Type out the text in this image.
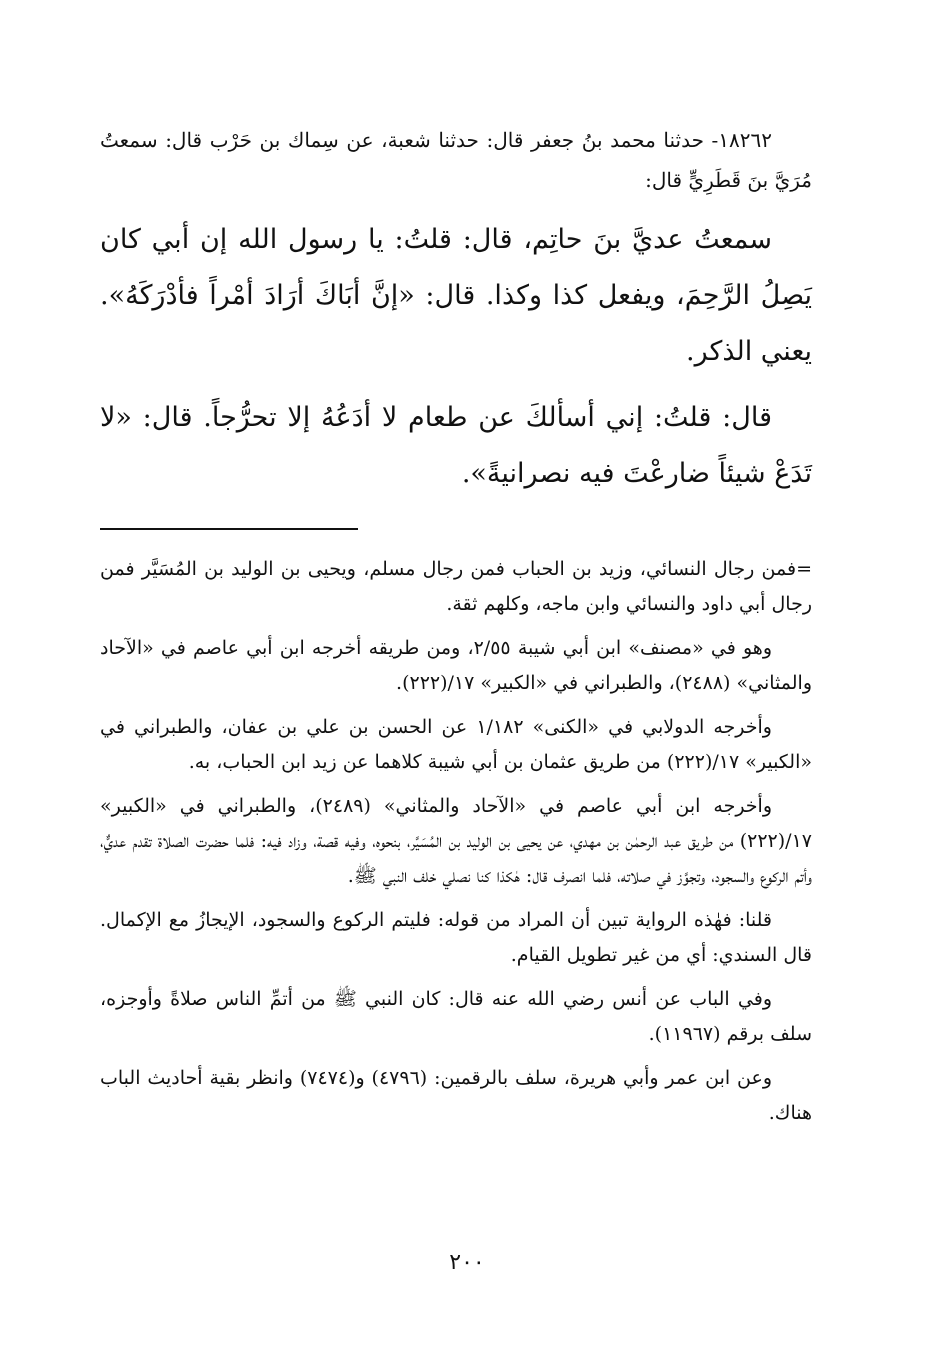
١٨٢٦٢- حدثنا محمد بنُ جعفر قال: حدثنا شعبة، عن سِماك بن حَرْب قال: سمعتُ مُرَيَّ بنَ قَطَرِيٍّ قال:

سمعتُ عديَّ بنَ حاتِم، قال: قلتُ: يا رسول الله إن أبي كان يَصِلُ الرَّحِمَ، ويفعل كذا وكذا. قال: «إنَّ أبَاكَ أرَادَ أمْراً فأدْرَكَهُ». يعني الذكر.

قال: قلتُ: إني أسألكَ عن طعام لا أدَعُهُ إلا تحرُّجاً. قال: «لا تَدَعْ شيئاً ضارعْتَ فيه نصرانيةً».

=فمن رجال النسائي، وزيد بن الحباب فمن رجال مسلم، ويحيى بن الوليد بن المُسَيَّر فمن رجال أبي داود والنسائي وابن ماجه، وكلهم ثقة.

وهو في «مصنف» ابن أبي شيبة ٢/٥٥، ومن طريقه أخرجه ابن أبي عاصم في «الآحاد والمثاني» (٢٤٨٨)، والطبراني في «الكبير» ١٧/(٢٢٢).

وأخرجه الدولابي في «الكنى» ١/١٨٢ عن الحسن بن علي بن عفان، والطبراني في «الكبير» ١٧/(٢٢٢) من طريق عثمان بن أبي شيبة كلاهما عن زيد ابن الحباب، به.

وأخرجه ابن أبي عاصم في «الآحاد والمثاني» (٢٤٨٩)، والطبراني في «الكبير» ١٧/(٢٢٢) من طريق عبد الرحمٰن بن مهدي، عن يحيى بن الوليد بن المُسَيَّر، بنحوه، وفيه قصة، وزاد فيه: فلما حضرت الصلاة تقدم عديٌّ، وأتم الركوع والسجود، وتجوَّز في صلاته، فلما انصرف قال: هٰكذا كنا نصلي خلف النبي ﷺ.

قلنا: فهٰذه الرواية تبين أن المراد من قوله: فليتم الركوع والسجود، الإيجازُ مع الإكمال. قال السندي: أي من غير تطويل القيام.

وفي الباب عن أنس رضي الله عنه قال: كان النبي ﷺ من أتمِّ الناس صلاةً وأوجزه، سلف برقم (١١٩٦٧).

وعن ابن عمر وأبي هريرة، سلف بالرقمين: (٤٧٩٦) و(٧٤٧٤) وانظر بقية أحاديث الباب هناك.

٢٠٠
